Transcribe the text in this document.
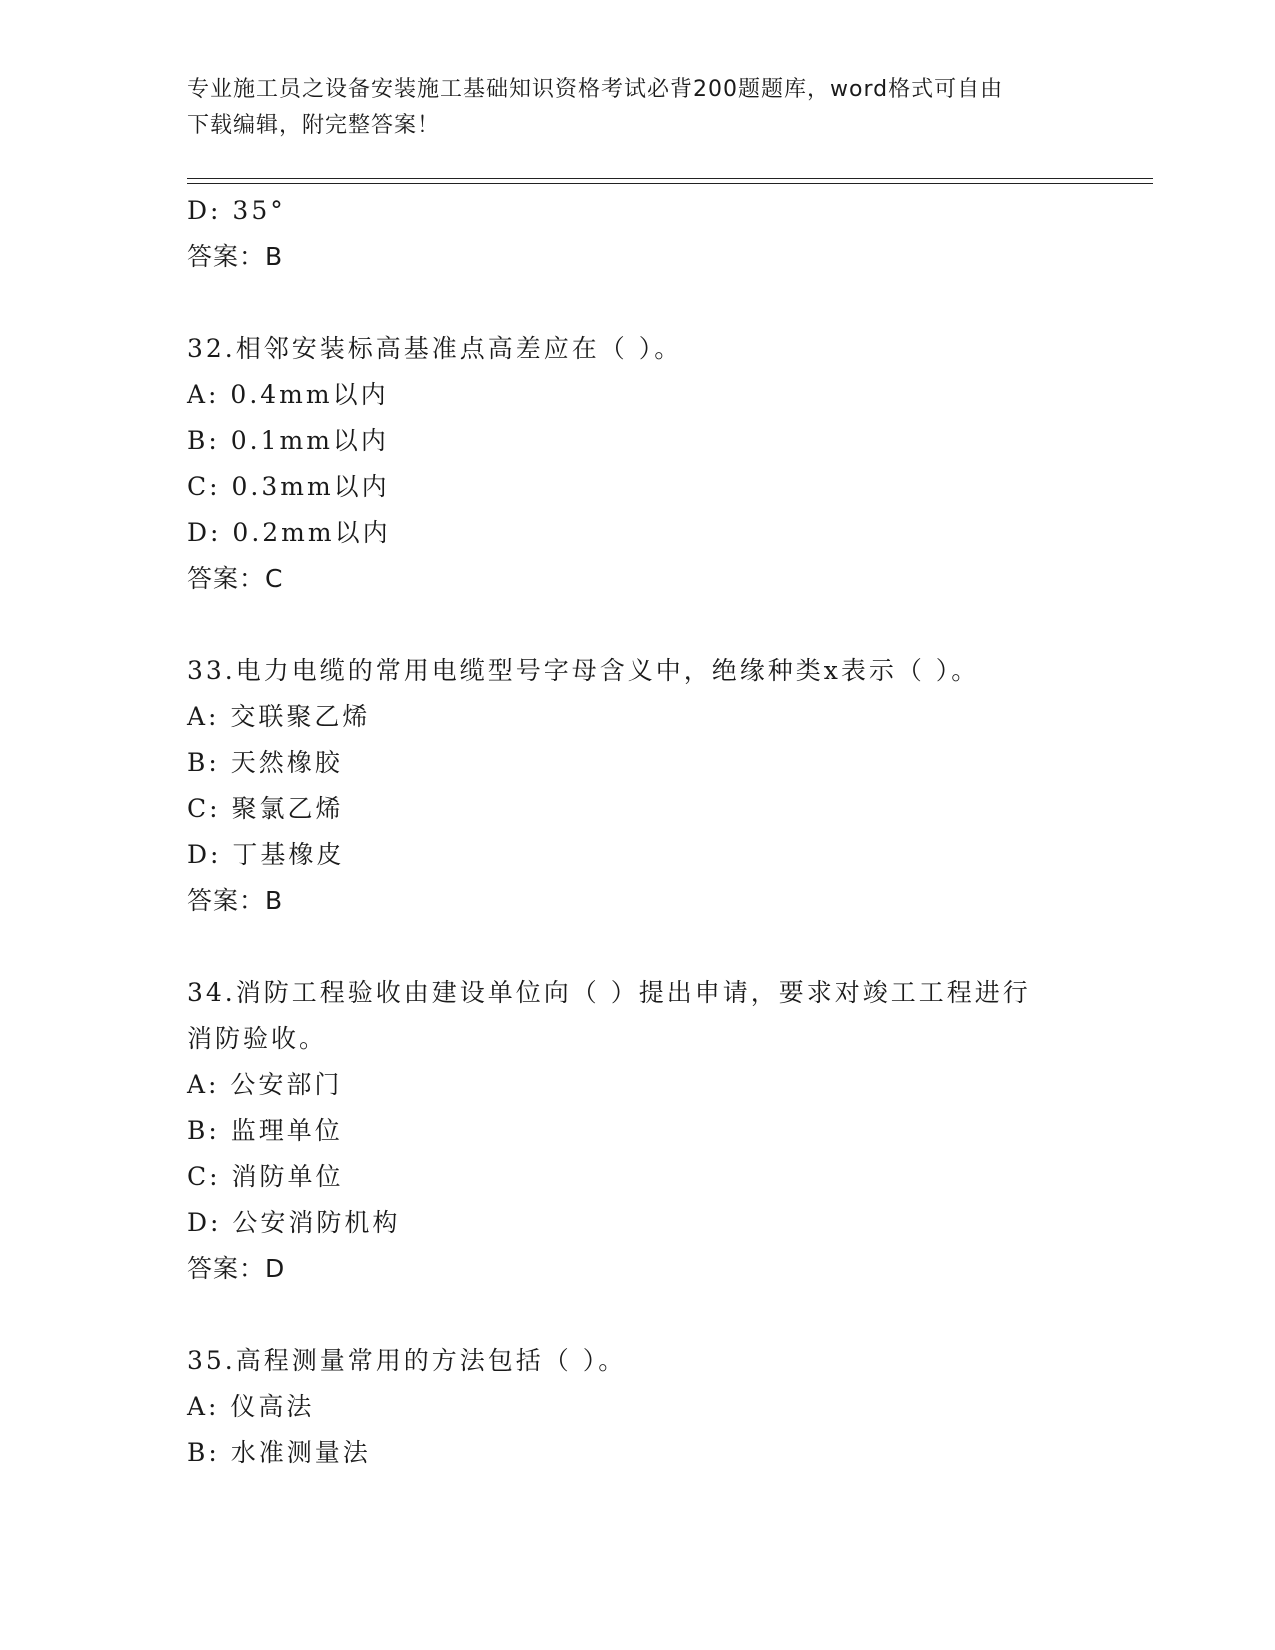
专业施工员之设备安装施工基础知识资格考试必背200题题库，word格式可自由
下载编辑，附完整答案！
D: 35°
答案：B
32.相邻安装标高基准点高差应在（ ）。
A: 0.4mm以内
B: 0.1mm以内
C: 0.3mm以内
D: 0.2mm以内
答案：C
33.电力电缆的常用电缆型号字母含义中，绝缘种类x表示（ ）。
A: 交联聚乙烯
B: 天然橡胶
C: 聚氯乙烯
D: 丁基橡皮
答案：B
34.消防工程验收由建设单位向（ ）提出申请，要求对竣工工程进行
消防验收。
A: 公安部门
B: 监理单位
C: 消防单位
D: 公安消防机构
答案：D
35.高程测量常用的方法包括（ ）。
A: 仪高法
B: 水准测量法
